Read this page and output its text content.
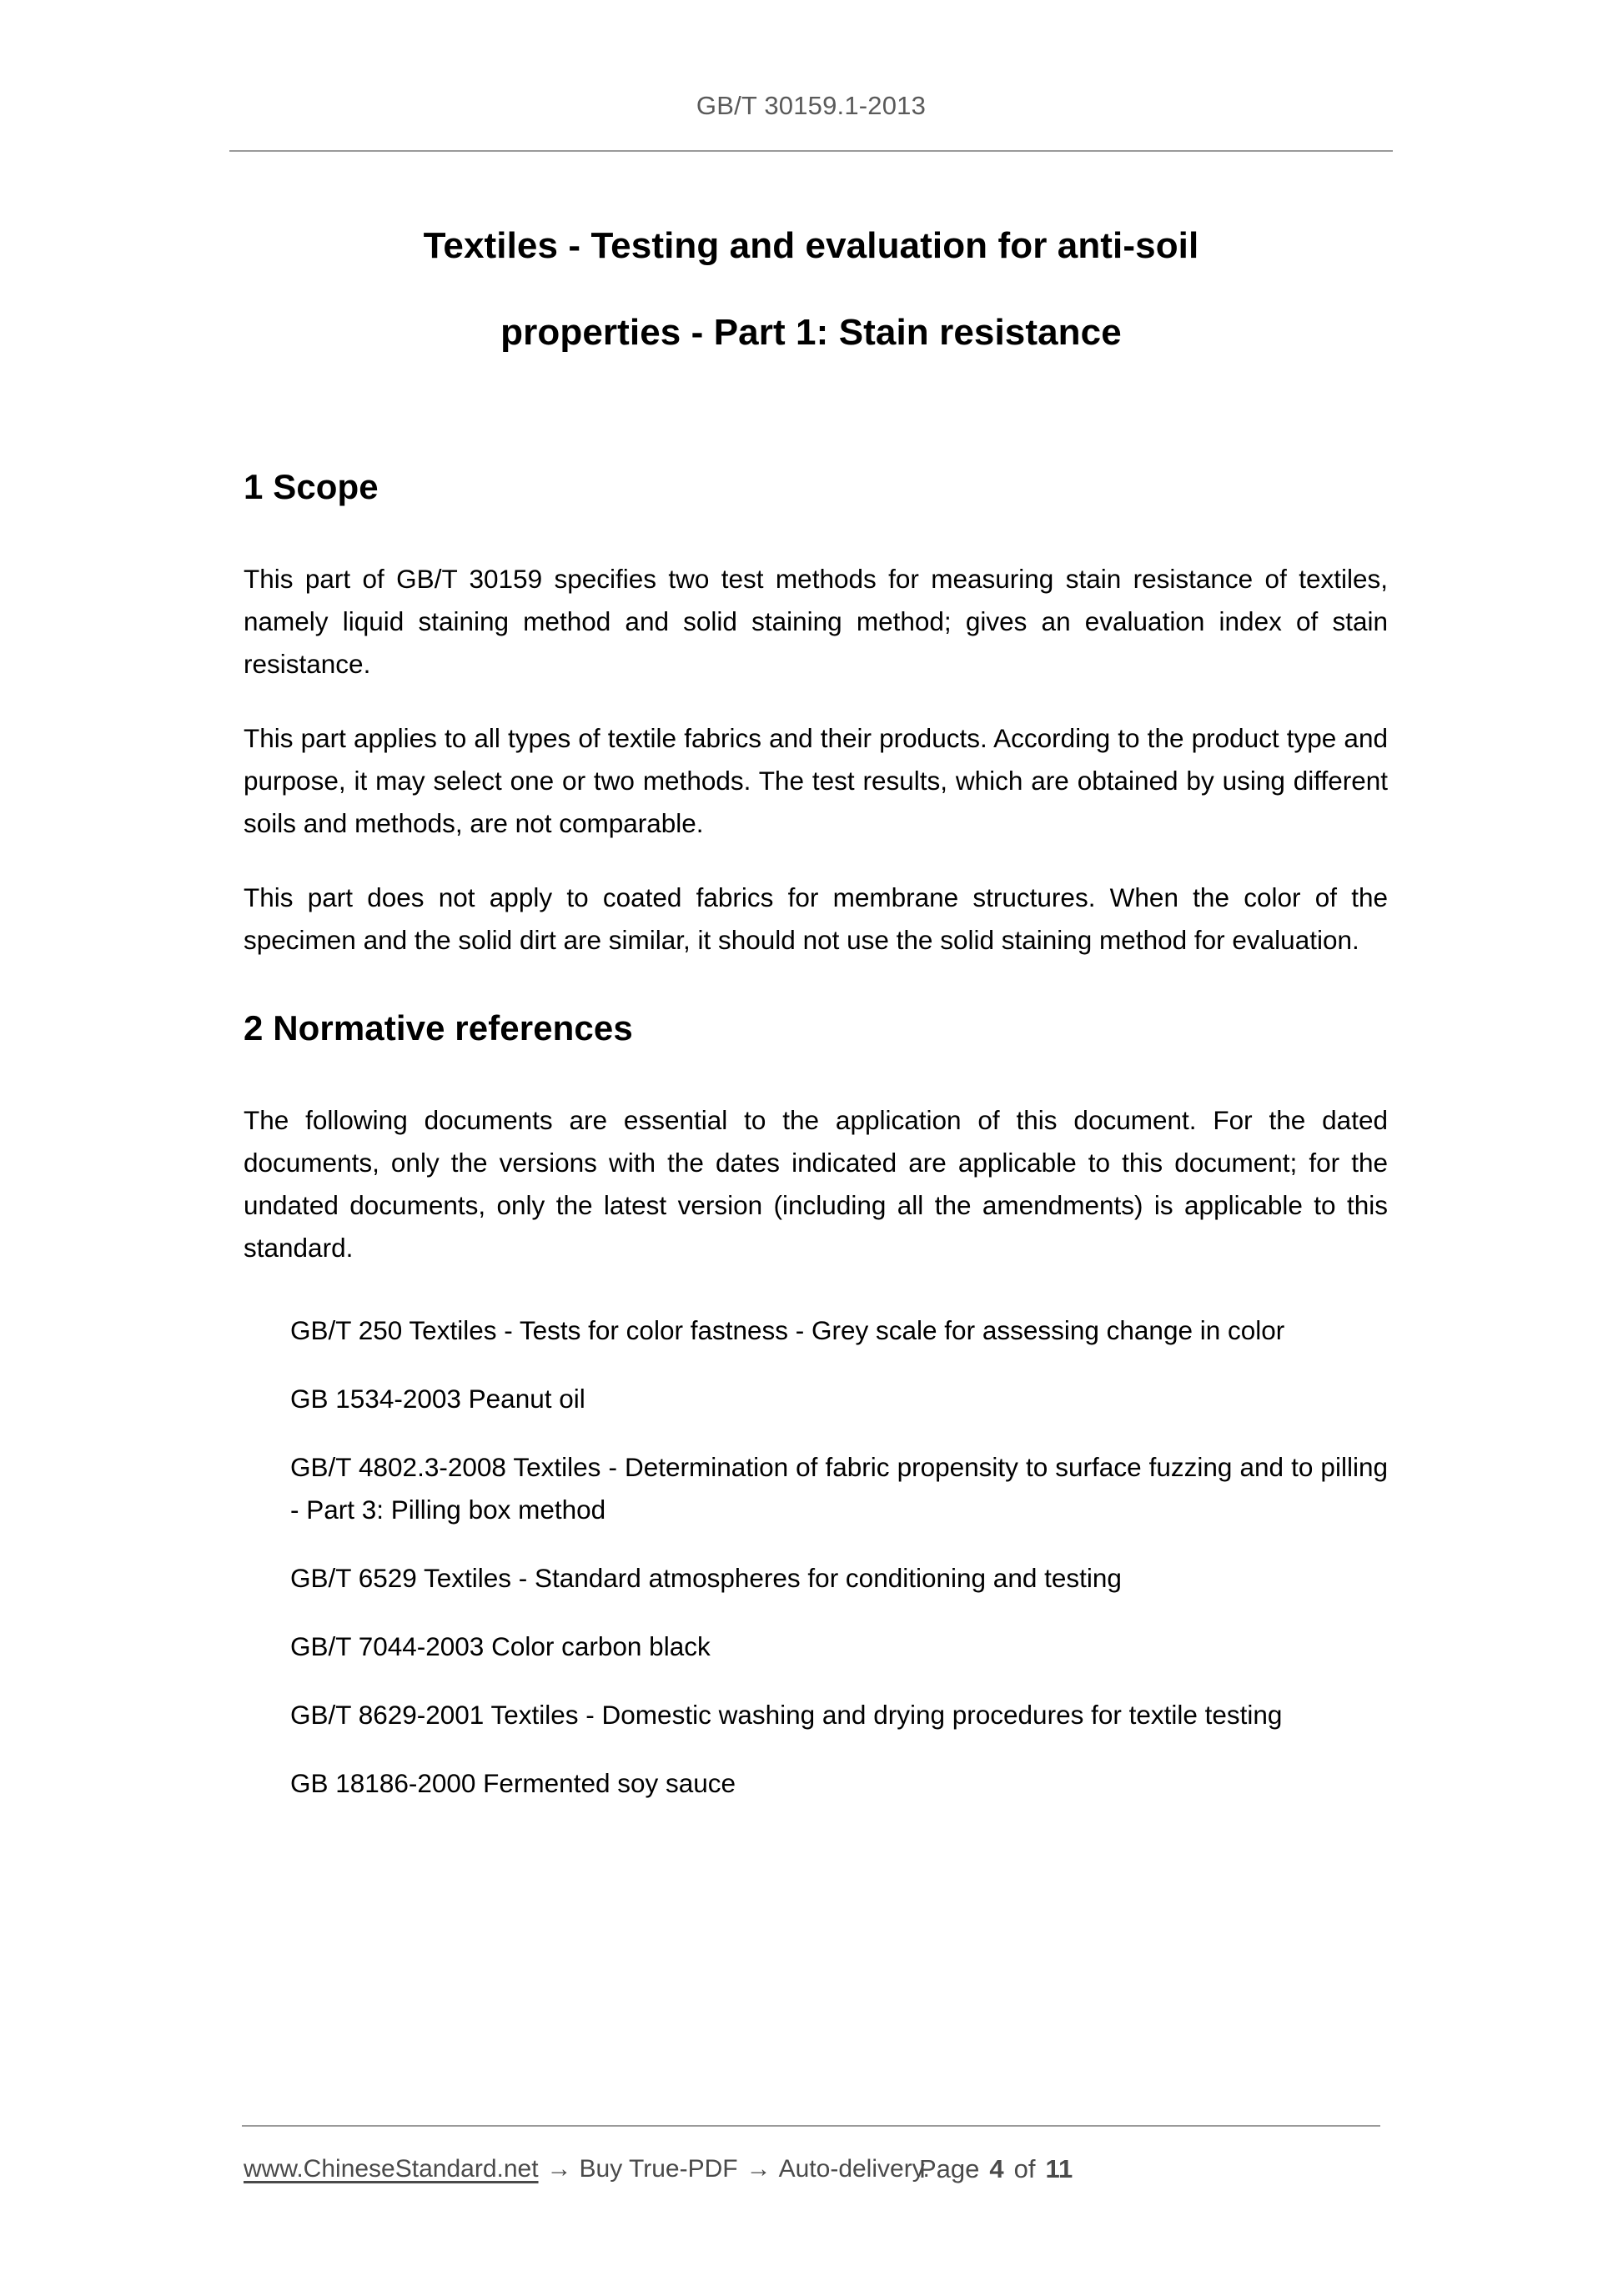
GB/T 30159.1-2013
Textiles - Testing and evaluation for anti-soil
properties - Part 1: Stain resistance
1 Scope

This part of GB/T 30159 specifies two test methods for measuring stain resistance of textiles, namely liquid staining method and solid staining method; gives an evaluation index of stain resistance.

This part applies to all types of textile fabrics and their products. According to the product type and purpose, it may select one or two methods. The test results, which are obtained by using different soils and methods, are not comparable.

This part does not apply to coated fabrics for membrane structures. When the color of the specimen and the solid dirt are similar, it should not use the solid staining method for evaluation.

2 Normative references

The following documents are essential to the application of this document. For the dated documents, only the versions with the dates indicated are applicable to this document; for the undated documents, only the latest version (including all the amendments) is applicable to this standard.

GB/T 250 Textiles - Tests for color fastness - Grey scale for assessing change in color
GB 1534-2003 Peanut oil
GB/T 4802.3-2008 Textiles - Determination of fabric propensity to surface fuzzing and to pilling - Part 3: Pilling box method
GB/T 6529 Textiles - Standard atmospheres for conditioning and testing
GB/T 7044-2003 Color carbon black
GB/T 8629-2001 Textiles - Domestic washing and drying procedures for textile testing
GB 18186-2000 Fermented soy sauce
www.ChineseStandard.net → Buy True-PDF → Auto-delivery.
Page 4 of 11
